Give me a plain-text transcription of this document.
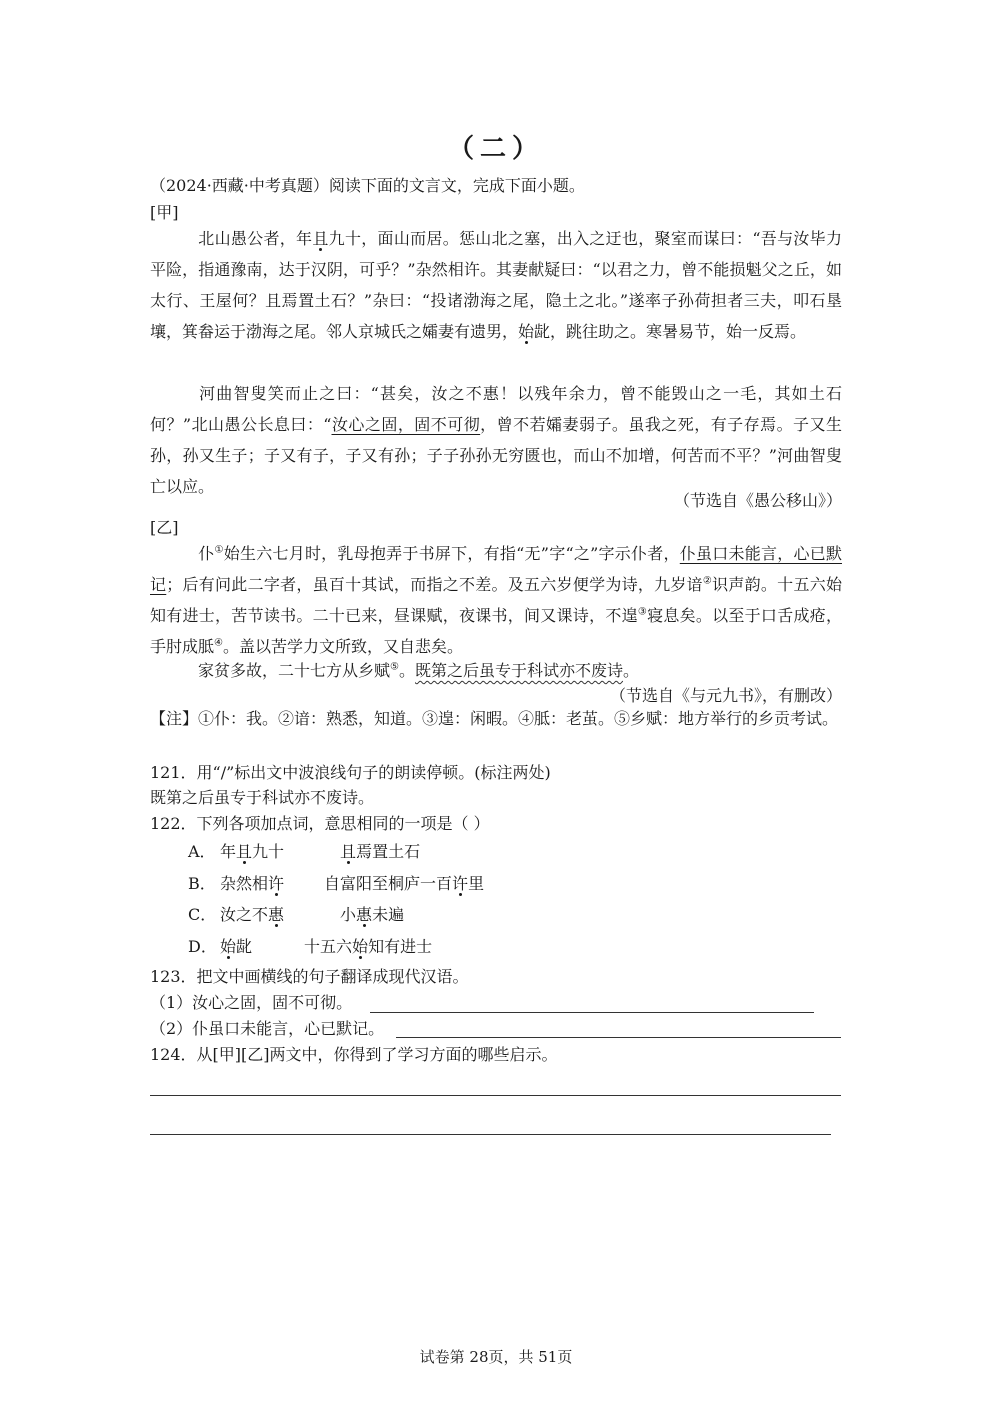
（二）
（2024·西藏·中考真题）阅读下面的文言文，完成下面小题。
[甲]
北山愚公者，年且九十，面山而居。惩山北之塞，出入之迂也，聚室而谋曰：“吾与汝毕力平险，指通豫南，达于汉阴，可乎？”杂然相许。其妻献疑曰：“以君之力，曾不能损魁父之丘，如太行、王屋何？且焉置土石？”杂曰：“投诸渤海之尾，隐土之北。”遂率子孙荷担者三夫，叩石垦壤，箕畚运于渤海之尾。邻人京城氏之孀妻有遗男，始龀，跳往助之。寒暑易节，始一反焉。
河曲智叟笑而止之曰：“甚矣，汝之不惠！以残年余力，曾不能毁山之一毛，其如土石何？”北山愚公长息曰：“汝心之固，固不可彻，曾不若孀妻弱子。虽我之死，有子存焉。子又生孙，孙又生子；子又有子，子又有孙；子子孙孙无穷匮也，而山不加增，何苦而不平？”河曲智叟亡以应。
（节选自《愚公移山》）
[乙]
仆①始生六七月时，乳母抱弄于书屏下，有指“无”字“之”字示仆者，仆虽口未能言，心已默记；后有问此二字者，虽百十其试，而指之不差。及五六岁便学为诗，九岁谙②识声韵。十五六始知有进士，苦节读书。二十已来，昼课赋，夜课书，间又课诗，不遑③寝息矣。以至于口舌成疮，手肘成胝④。盖以苦学力文所致，又自悲矣。
家贫多故，二十七方从乡赋⑤。既第之后虽专于科试亦不废诗。
（节选自《与元九书》，有删改）
【注】①仆：我。②谙：熟悉，知道。③遑：闲暇。④胝：老茧。⑤乡赋：地方举行的乡贡考试。
121．用“/”标出文中波浪线句子的朗读停顿。(标注两处)
既第之后虽专于科试亦不废诗。
122．下列各项加点词，意思相同的一项是（ ）
A． 年且九十	且焉置土石
B． 杂然相许	自富阳至桐庐一百许里
C． 汝之不惠	小惠未遍
D． 始龀	十五六始知有进士
123．把文中画横线的句子翻译成现代汉语。
（1）汝心之固，固不可彻。
（2）仆虽口未能言，心已默记。
124．从[甲][乙]两文中，你得到了学习方面的哪些启示。
试卷第 28页，共 51页
